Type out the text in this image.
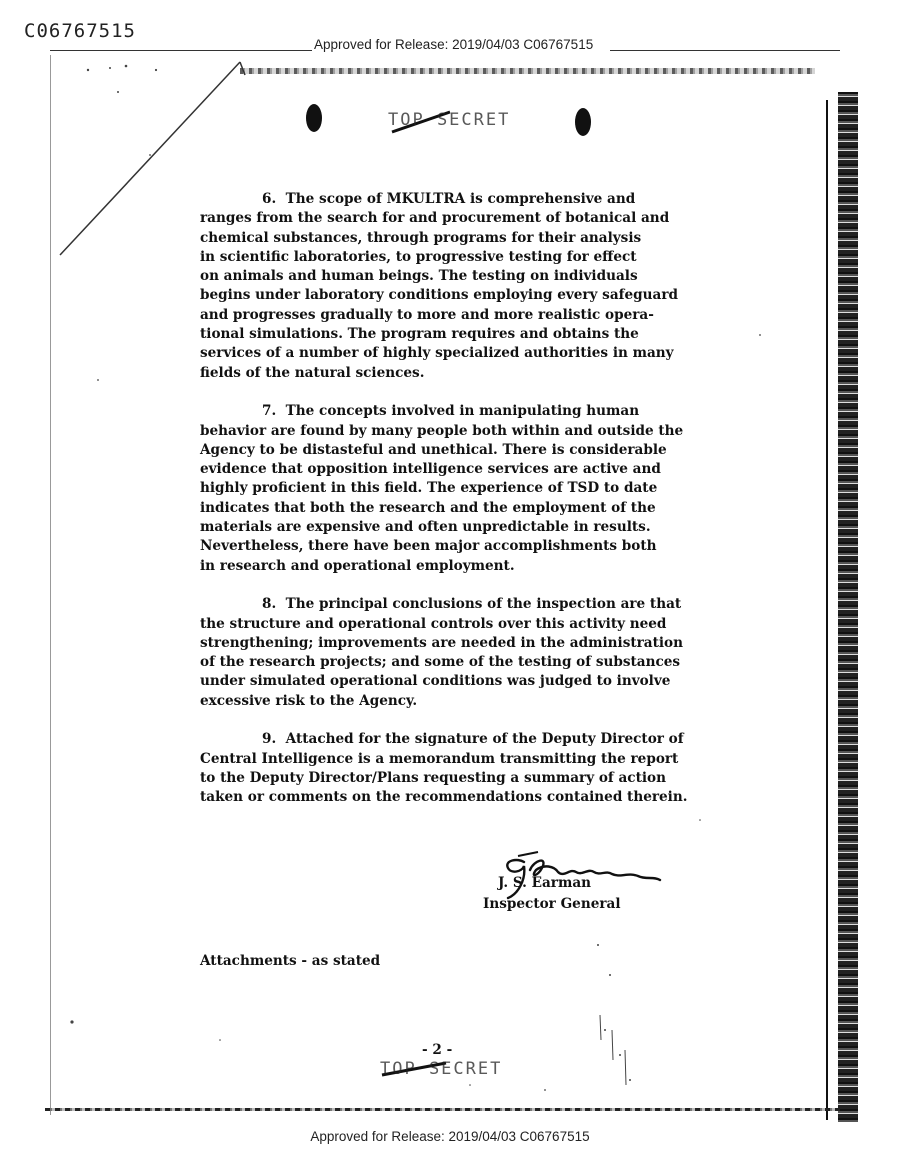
C06767515
Approved for Release: 2019/04/03 C06767515
TOP SECRET
6. The scope of MKULTRA is comprehensive and
ranges from the search for and procurement of botanical and
chemical substances, through programs for their analysis
in scientific laboratories, to progressive testing for effect
on animals and human beings. The testing on individuals
begins under laboratory conditions employing every safeguard
and progresses gradually to more and more realistic opera-
tional simulations. The program requires and obtains the
services of a number of highly specialized authorities in many
fields of the natural sciences.
7. The concepts involved in manipulating human
behavior are found by many people both within and outside the
Agency to be distasteful and unethical. There is considerable
evidence that opposition intelligence services are active and
highly proficient in this field. The experience of TSD to date
indicates that both the research and the employment of the
materials are expensive and often unpredictable in results.
Nevertheless, there have been major accomplishments both
in research and operational employment.
8. The principal conclusions of the inspection are that
the structure and operational controls over this activity need
strengthening; improvements are needed in the administration
of the research projects; and some of the testing of substances
under simulated operational conditions was judged to involve
excessive risk to the Agency.
9. Attached for the signature of the Deputy Director of
Central Intelligence is a memorandum transmitting the report
to the Deputy Director/Plans requesting a summary of action
taken or comments on the recommendations contained therein.
J. S. Earman
Inspector General
Attachments - as stated
- 2 -
TOP SECRET
Approved for Release: 2019/04/03 C06767515
